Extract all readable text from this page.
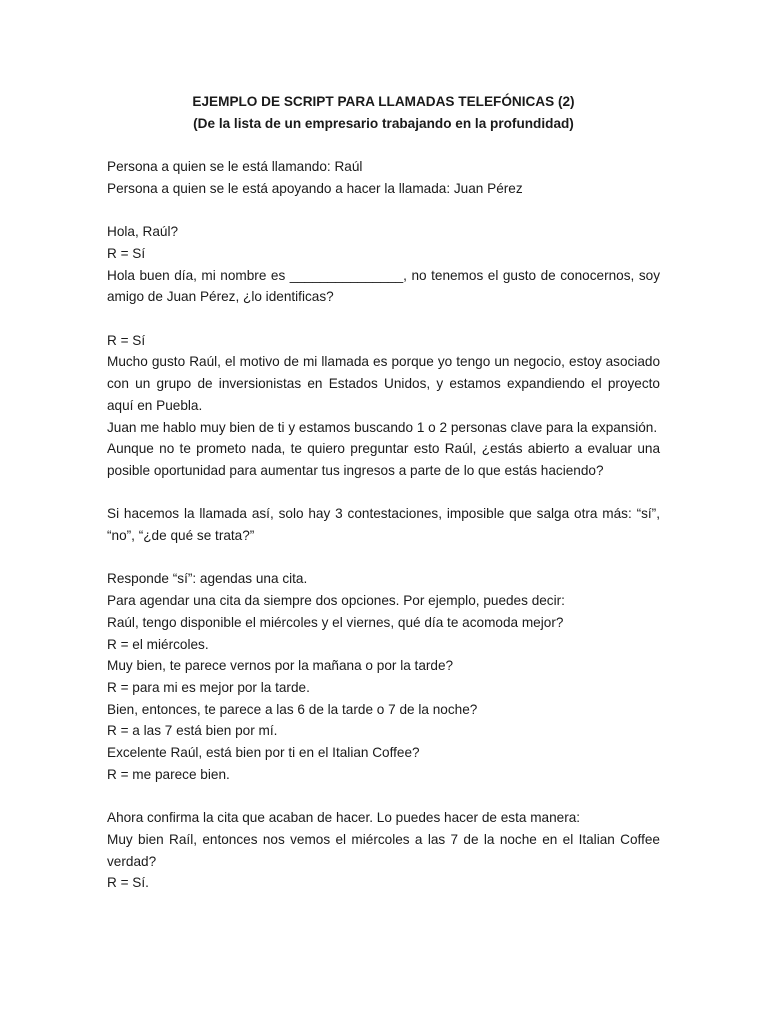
EJEMPLO DE SCRIPT PARA LLAMADAS TELEFÓNICAS (2)
(De la lista de un empresario trabajando en la profundidad)
Persona a quien se le está llamando: Raúl
Persona a quien se le está apoyando a hacer la llamada: Juan Pérez
Hola, Raúl?
R = Sí
Hola buen día, mi nombre es _______________, no tenemos el gusto de conocernos, soy amigo de Juan Pérez, ¿lo identificas?
R = Sí
Mucho gusto Raúl, el motivo de mi llamada es porque yo tengo un negocio, estoy asociado con un grupo de inversionistas en Estados Unidos, y estamos expandiendo el proyecto aquí en Puebla.
Juan me hablo muy bien de ti y estamos buscando 1 o 2 personas clave para la expansión.
Aunque no te prometo nada, te quiero preguntar esto Raúl, ¿estás abierto a evaluar una posible oportunidad para aumentar tus ingresos a parte de lo que estás haciendo?
Si hacemos la llamada así, solo hay 3 contestaciones, imposible que salga otra más: “sí”, “no”, “¿de qué se trata?”
Responde “sí”: agendas una cita.
Para agendar una cita da siempre dos opciones. Por ejemplo, puedes decir:
Raúl, tengo disponible el miércoles y el viernes, qué día te acomoda mejor?
R = el miércoles.
Muy bien, te parece vernos por la mañana o por la tarde?
R = para mi es mejor por la tarde.
Bien, entonces, te parece a las 6 de la tarde o 7 de la noche?
R = a las 7 está bien por mí.
Excelente Raúl, está bien por ti en el Italian Coffee?
R = me parece bien.
Ahora confirma la cita que acaban de hacer. Lo puedes hacer de esta manera:
Muy bien Raíl, entonces nos vemos el miércoles a las 7 de la noche en el Italian Coffee verdad?
R = Sí.
